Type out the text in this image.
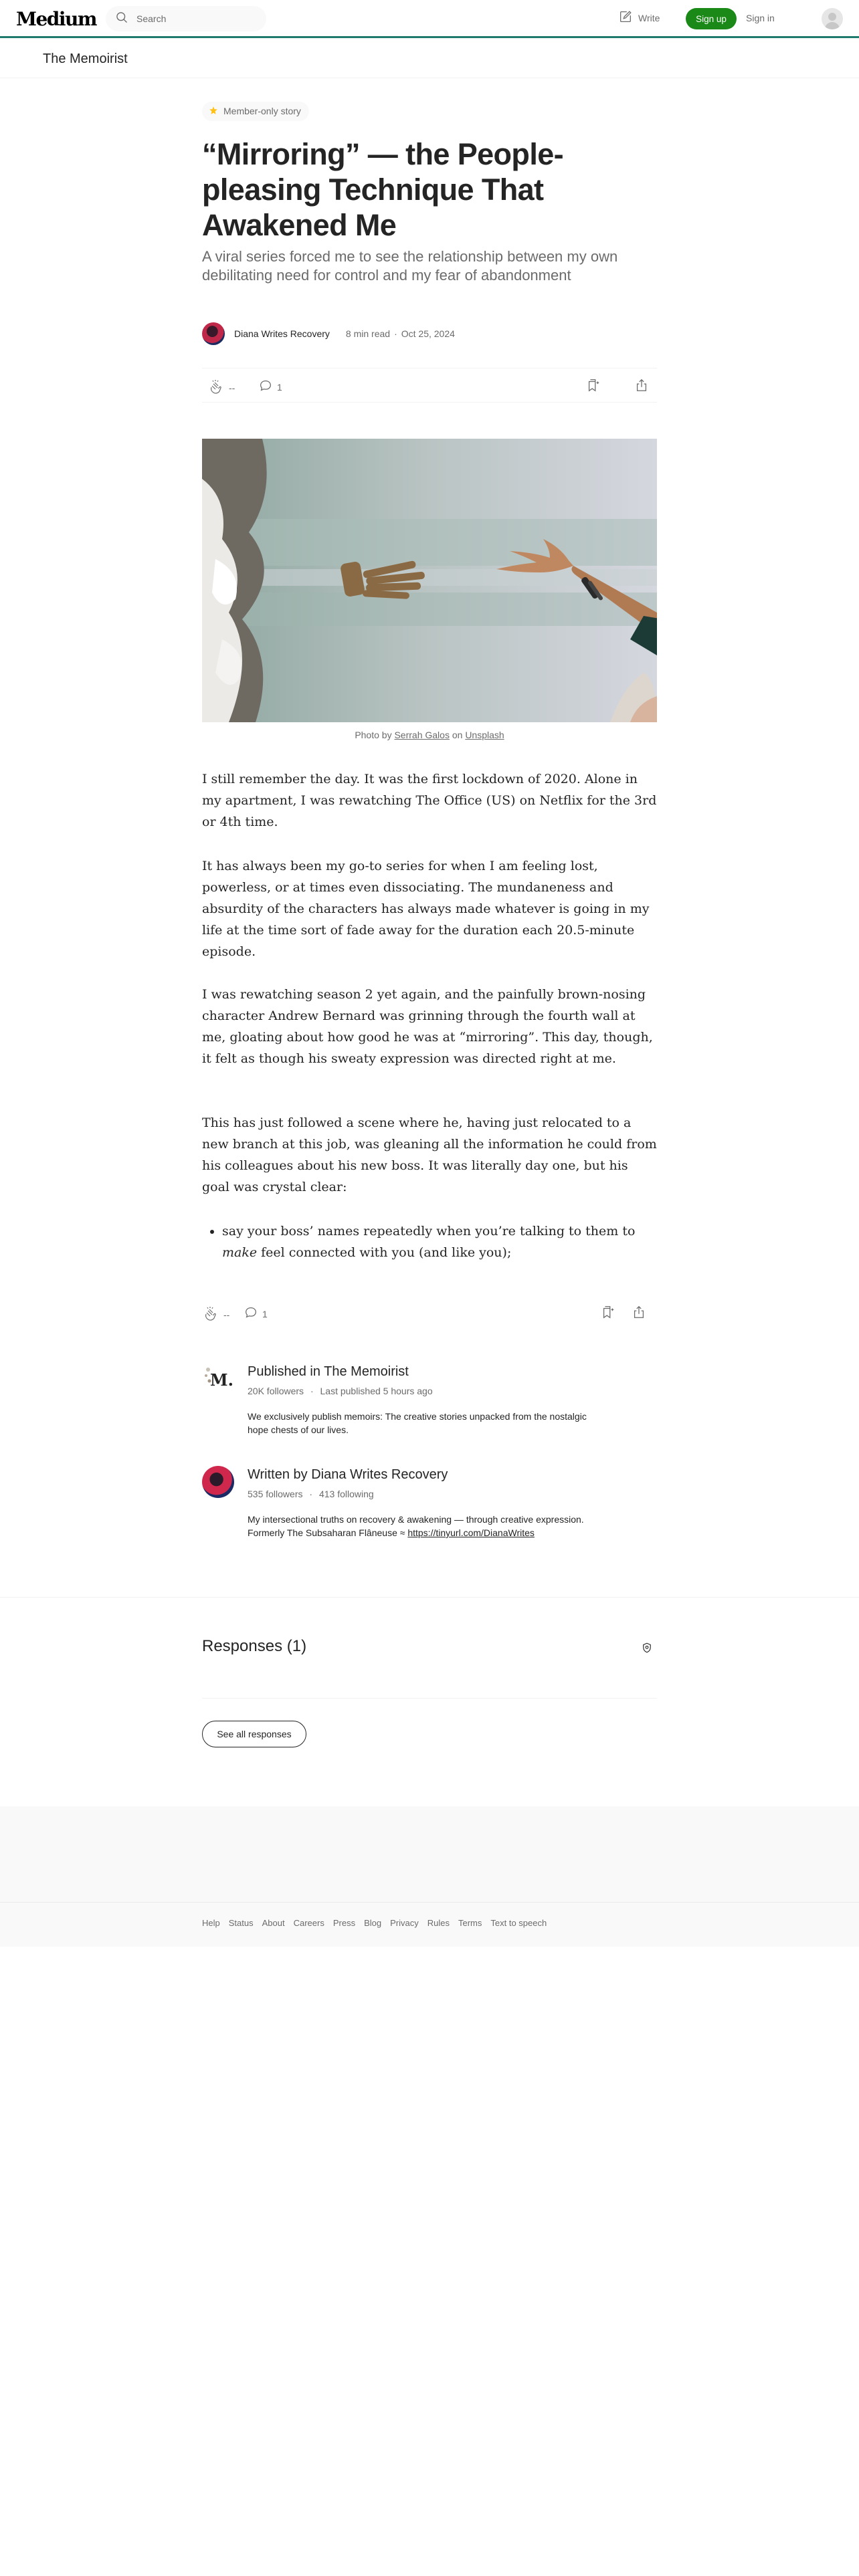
Medium
Search	Write	Sign up	Sign in
The Memoirist
Member-only story
“Mirroring” — the People-pleasing Technique That Awakened Me
A viral series forced me to see the relationship between my own debilitating need for control and my fear of abandonment
Diana Writes Recovery 8 min read · Oct 25, 2024
--	1
Photo by Serrah Galos on Unsplash

I still remember the day. It was the first lockdown of 2020. Alone in my apartment, I was rewatching The Office (US) on Netflix for the 3rd or 4th time.

It has always been my go-to series for when I am feeling lost, powerless, or at times even dissociating. The mundaneness and absurdity of the characters has always made whatever is going in my life at the time sort of fade away for the duration each 20.5-minute episode.

I was rewatching season 2 yet again, and the painfully brown-nosing character Andrew Bernard was grinning through the fourth wall at me, gloating about how good he was at “mirroring”. This day, though, it felt as though his sweaty expression was directed right at me.

This has just followed a scene where he, having just relocated to a new branch at this job, was gleaning all the information he could from his colleagues about his new boss. It was literally day one, but his goal was crystal clear:

• say your boss’ names repeatedly when you’re talking to them to make feel connected with you (and like you);
--	1
M. Published in The Memoirist
20K followers · Last published 5 hours ago
We exclusively publish memoirs: The creative stories unpacked from the nostalgic hope chests of our lives.
Written by Diana Writes Recovery
535 followers · 413 following
My intersectional truths on recovery & awakening — through creative expression. Formerly The Subsaharan Flâneuse ≈ https://tinyurl.com/DianaWrites
Responses (1)
See all responses
Help Status About Careers Press Blog Privacy Rules Terms Text to speech
